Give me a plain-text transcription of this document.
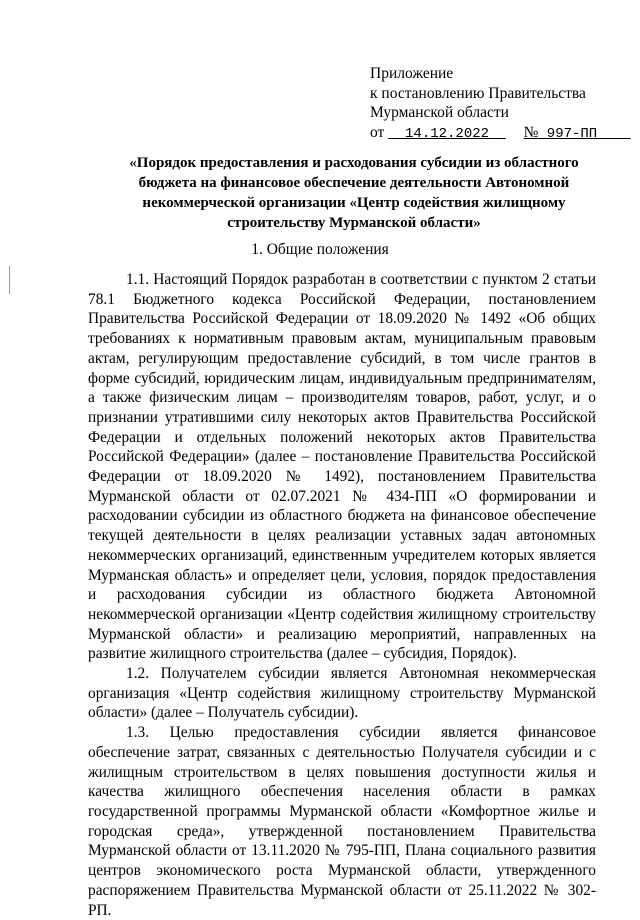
Приложение
к постановлению Правительства
Мурманской области
от 14.12.2022 № 997-ПП
«Порядок предоставления и расходования субсидии из областного бюджета на финансовое обеспечение деятельности Автономной некоммерческой организации «Центр содействия жилищному строительству Мурманской области»
1. Общие положения

1.1. Настоящий Порядок разработан в соответствии с пунктом 2 статьи 78.1 Бюджетного кодекса Российской Федерации, постановлением Правительства Российской Федерации от 18.09.2020 № 1492 «Об общих требованиях к нормативным правовым актам, муниципальным правовым актам, регулирующим предоставление субсидий, в том числе грантов в форме субсидий, юридическим лицам, индивидуальным предпринимателям, а также физическим лицам – производителям товаров, работ, услуг, и о признании утратившими силу некоторых актов Правительства Российской Федерации и отдельных положений некоторых актов Правительства Российской Федерации» (далее – постановление Правительства Российской Федерации от 18.09.2020 № 1492), постановлением Правительства Мурманской области от 02.07.2021 № 434-ПП «О формировании и расходовании субсидии из областного бюджета на финансовое обеспечение текущей деятельности в целях реализации уставных задач автономных некоммерческих организаций, единственным учредителем которых является Мурманская область» и определяет цели, условия, порядок предоставления и расходования субсидии из областного бюджета Автономной некоммерческой организации «Центр содействия жилищному строительству Мурманской области» и реализацию мероприятий, направленных на развитие жилищного строительства (далее – субсидия, Порядок).

1.2. Получателем субсидии является Автономная некоммерческая организация «Центр содействия жилищному строительству Мурманской области» (далее – Получатель субсидии).

1.3. Целью предоставления субсидии является финансовое обеспечение затрат, связанных с деятельностью Получателя субсидии и с жилищным строительством в целях повышения доступности жилья и качества жилищного обеспечения населения области в рамках государственной программы Мурманской области «Комфортное жилье и городская среда», утвержденной постановлением Правительства Мурманской области от 13.11.2020 № 795-ПП, Плана социального развития центров экономического роста Мурманской области, утвержденного распоряжением Правительства Мурманской области от 25.11.2022 № 302-РП.
